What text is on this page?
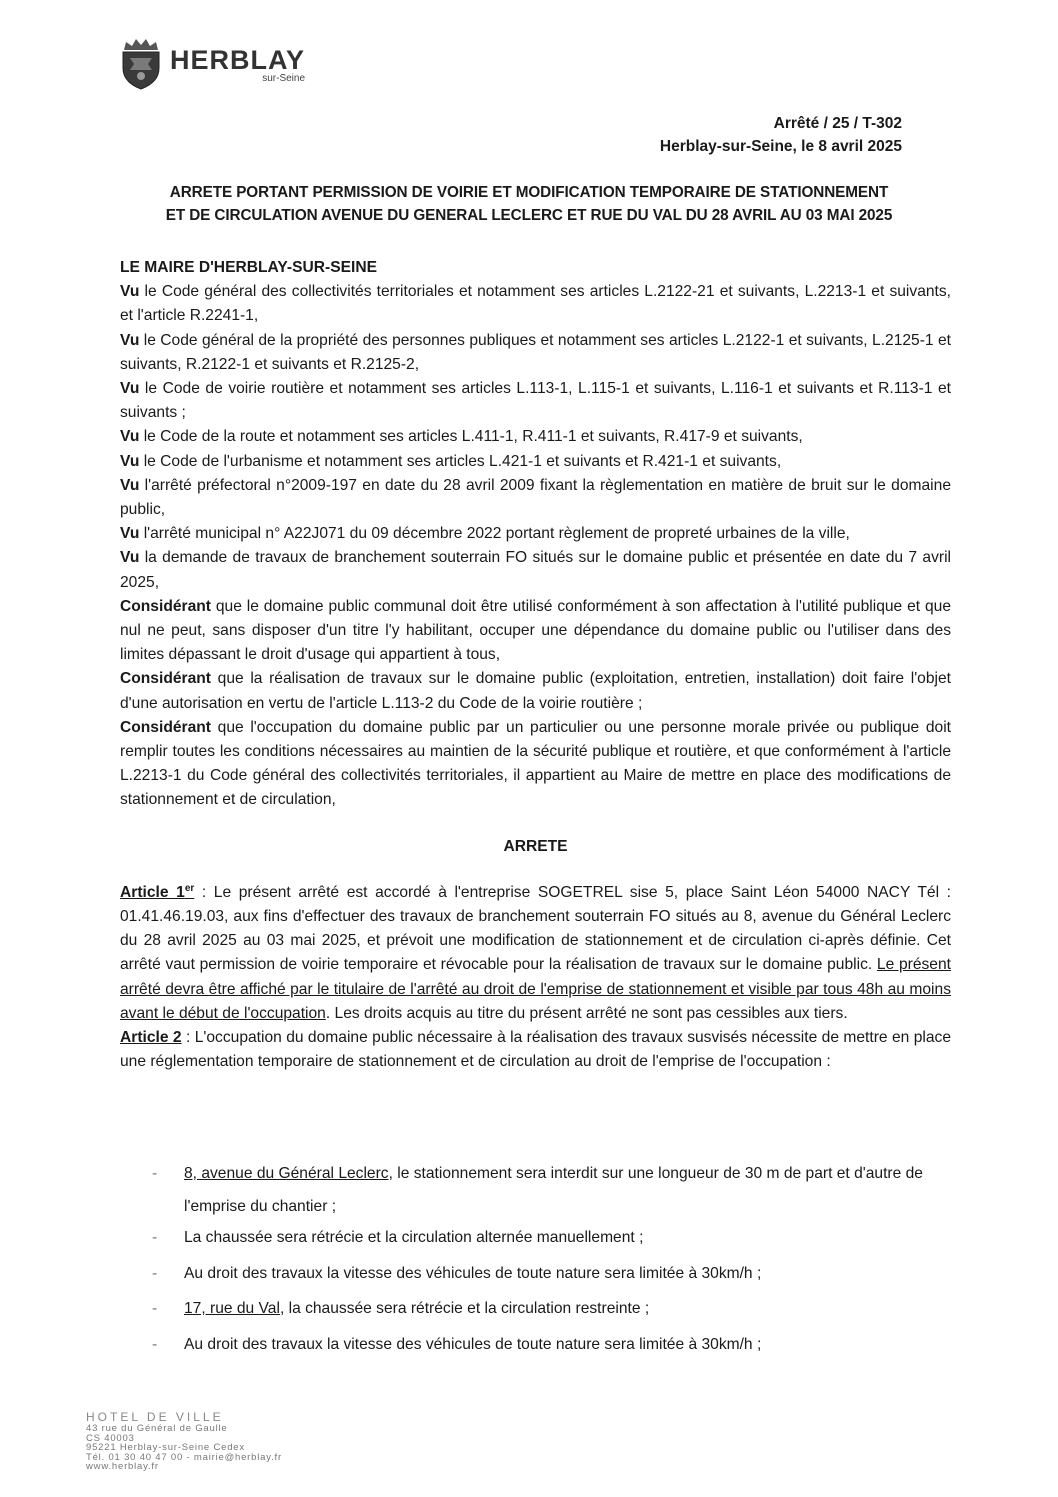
HERBLAY
sur-Seine
Arrêté / 25 / T-302
Herblay-sur-Seine, le 8 avril 2025
ARRETE PORTANT PERMISSION DE VOIRIE ET MODIFICATION TEMPORAIRE DE STATIONNEMENT
ET DE CIRCULATION AVENUE DU GENERAL LECLERC ET RUE DU VAL DU 28 AVRIL AU 03 MAI 2025

LE MAIRE D'HERBLAY-SUR-SEINE

Vu le Code général des collectivités territoriales et notamment ses articles L.2122-21 et suivants, L.2213-1 et suivants, et l'article R.2241-1,

Vu le Code général de la propriété des personnes publiques et notamment ses articles L.2122-1 et suivants, L.2125-1 et suivants, R.2122-1 et suivants et R.2125-2,

Vu le Code de voirie routière et notamment ses articles L.113-1, L.115-1 et suivants, L.116-1 et suivants et R.113-1 et suivants ;

Vu le Code de la route et notamment ses articles L.411-1, R.411-1 et suivants, R.417-9 et suivants,

Vu le Code de l'urbanisme et notamment ses articles L.421-1 et suivants et R.421-1 et suivants,

Vu l'arrêté préfectoral n°2009-197 en date du 28 avril 2009 fixant la règlementation en matière de bruit sur le domaine public,

Vu l'arrêté municipal n° A22J071 du 09 décembre 2022 portant règlement de propreté urbaines de la ville,

Vu la demande de travaux de branchement souterrain FO situés sur le domaine public et présentée en date du 7 avril 2025,

Considérant que le domaine public communal doit être utilisé conformément à son affectation à l'utilité publique et que nul ne peut, sans disposer d'un titre l'y habilitant, occuper une dépendance du domaine public ou l'utiliser dans des limites dépassant le droit d'usage qui appartient à tous,

Considérant que la réalisation de travaux sur le domaine public (exploitation, entretien, installation) doit faire l'objet d'une autorisation en vertu de l'article L.113-2 du Code de la voirie routière ;

Considérant que l'occupation du domaine public par un particulier ou une personne morale privée ou publique doit remplir toutes les conditions nécessaires au maintien de la sécurité publique et routière, et que conformément à l'article L.2213-1 du Code général des collectivités territoriales, il appartient au Maire de mettre en place des modifications de stationnement et de circulation,

ARRETE

Article 1er : Le présent arrêté est accordé à l'entreprise SOGETREL sise 5, place Saint Léon 54000 NACY Tél : 01.41.46.19.03, aux fins d'effectuer des travaux de branchement souterrain FO situés au 8, avenue du Général Leclerc du 28 avril 2025 au 03 mai 2025, et prévoit une modification de stationnement et de circulation ci-après définie. Cet arrêté vaut permission de voirie temporaire et révocable pour la réalisation de travaux sur le domaine public. Le présent arrêté devra être affiché par le titulaire de l'arrêté au droit de l'emprise de stationnement et visible par tous 48h au moins avant le début de l'occupation. Les droits acquis au titre du présent arrêté ne sont pas cessibles aux tiers.

Article 2 : L'occupation du domaine public nécessaire à la réalisation des travaux susvisés nécessite de mettre en place une réglementation temporaire de stationnement et de circulation au droit de l'emprise de l'occupation :

- 8, avenue du Général Leclerc, le stationnement sera interdit sur une longueur de 30 m de part et d'autre de l'emprise du chantier ;
- La chaussée sera rétrécie et la circulation alternée manuellement ;
- Au droit des travaux la vitesse des véhicules de toute nature sera limitée à 30km/h ;
- 17, rue du Val, la chaussée sera rétrécie et la circulation restreinte ;
- Au droit des travaux la vitesse des véhicules de toute nature sera limitée à 30km/h ;
HOTEL DE VILLE
43 rue du Général de Gaulle
CS 40003
95221 Herblay-sur-Seine Cedex
Tél. 01 30 40 47 00 - mairie@herblay.fr
www.herblay.fr
